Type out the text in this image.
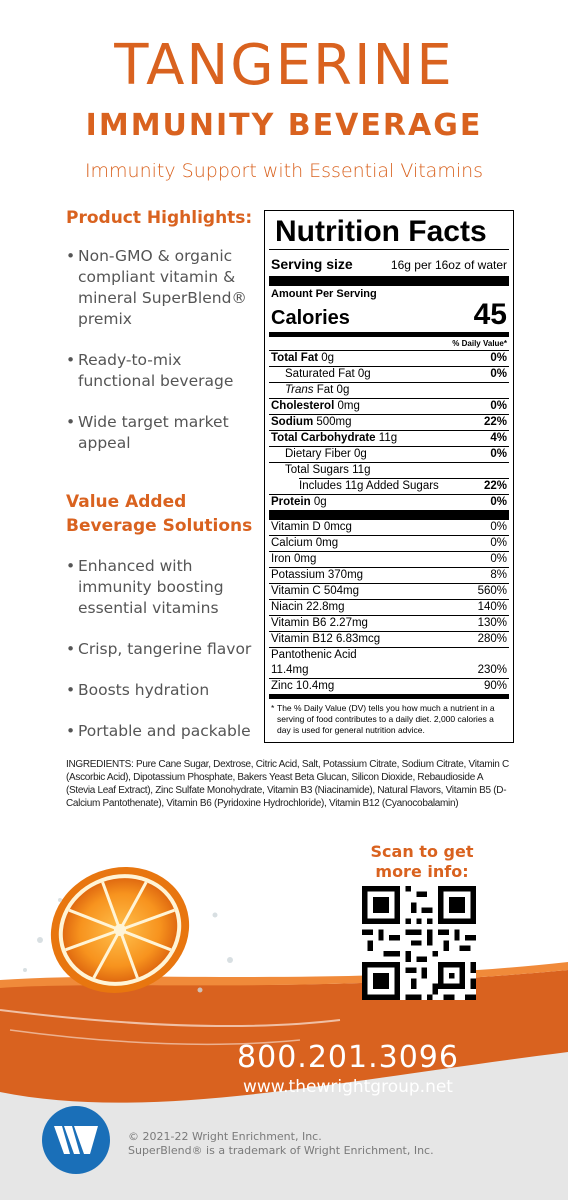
TANGERINE
IMMUNITY BEVERAGE
Immunity Support with Essential Vitamins
Product Highlights:
• Non-GMO & organic compliant vitamin & mineral SuperBlend® premix
• Ready-to-mix functional beverage
• Wide target market appeal
Value Added
Beverage Solutions
• Enhanced with immunity boosting essential vitamins
• Crisp, tangerine flavor
• Boosts hydration
• Portable and packable
Nutrition Facts
Serving size	16g per 16oz of water
Amount Per Serving
Calories	45
% Daily Value*
Total Fat 0g	0%
Saturated Fat 0g	0%
Trans Fat 0g
Cholesterol 0mg	0%
Sodium 500mg	22%
Total Carbohydrate 11g	4%
Dietary Fiber 0g	0%
Total Sugars 11g
Includes 11g Added Sugars	22%
Protein 0g	0%
Vitamin D 0mcg	0%
Calcium 0mg	0%
Iron 0mg	0%
Potassium 370mg	8%
Vitamin C 504mg	560%
Niacin 22.8mg	140%
Vitamin B6 2.27mg	130%
Vitamin B12 6.83mcg	280%
Pantothenic Acid
11.4mg	230%
Zinc 10.4mg	90%
* The % Daily Value (DV) tells you how much a nutrient in a serving of food contributes to a daily diet. 2,000 calories a day is used for general nutrition advice.
INGREDIENTS: Pure Cane Sugar, Dextrose, Citric Acid, Salt, Potassium Citrate, Sodium Citrate, Vitamin C (Ascorbic Acid), Dipotassium Phosphate, Bakers Yeast Beta Glucan, Silicon Dioxide, Rebaudioside A (Stevia Leaf Extract), Zinc Sulfate Monohydrate, Vitamin B3 (Niacinamide), Natural Flavors, Vitamin B5 (D-Calcium Pantothenate), Vitamin B6 (Pyridoxine Hydrochloride), Vitamin B12 (Cyanocobalamin)
Scan to get
more info:
800.201.3096
www.thewrightgroup.net
© 2021-22 Wright Enrichment, Inc.
SuperBlend® is a trademark of Wright Enrichment, Inc.
